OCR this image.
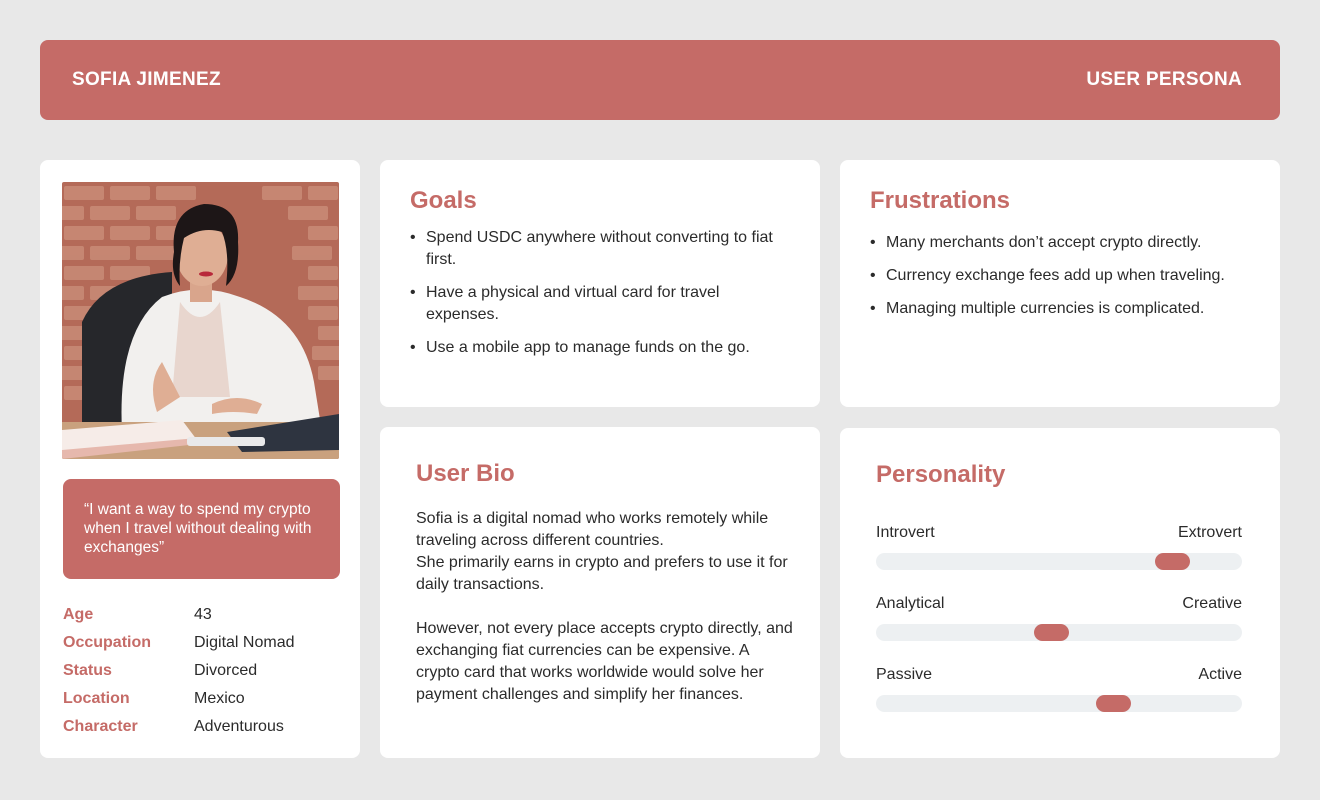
SOFIA JIMENEZ	USER PERSONA
“I want a way to spend my crypto when I travel without dealing with exchanges”
Age	43
Occupation	Digital Nomad
Status	Divorced
Location	Mexico
Character	Adventurous
Goals
• Spend USDC anywhere without converting to fiat first.
• Have a physical and virtual card for travel expenses.
• Use a mobile app to manage funds on the go.
Frustrations
• Many merchants don’t accept crypto directly.
• Currency exchange fees add up when traveling.
• Managing multiple currencies is complicated.
User Bio
Sofia is a digital nomad who works remotely while traveling across different countries.
She primarily earns in crypto and prefers to use it for daily transactions.

However, not every place accepts crypto directly, and exchanging fiat currencies can be expensive. A crypto card that works worldwide would solve her payment challenges and simplify her finances.
Personality
Introvert	Extrovert
Analytical	Creative
Passive	Active
